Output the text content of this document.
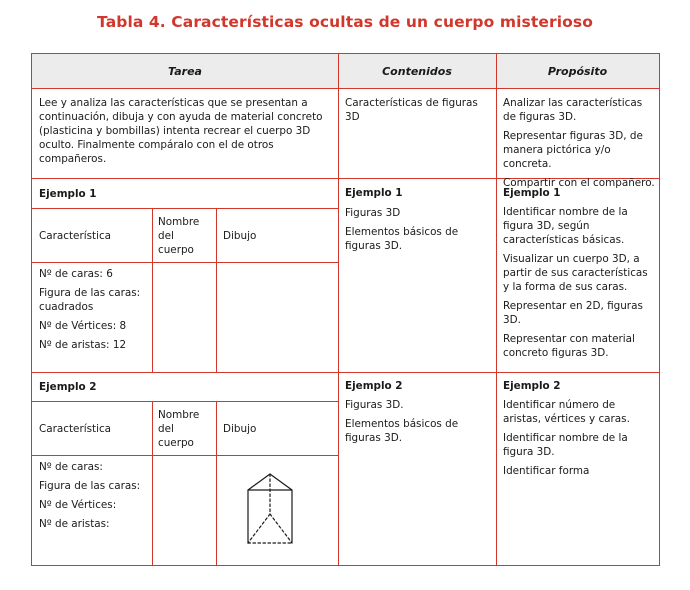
Tabla 4. Características ocultas de un cuerpo misterioso
Tarea	Contenidos	Propósito
Lee y analiza las características que se presentan a continuación, dibuja y con ayuda de material concreto (plasticina y bombillas) intenta recrear el cuerpo 3D oculto. Finalmente compáralo con el de otros compañeros.
Características de figuras 3D

Analizar las características de figuras 3D.

Representar figuras 3D, de manera pictórica y/o concreta.

Compartir con el compañero.

Ejemplo 1
Característica
Nombre del cuerpo
Dibujo

Nº de caras: 6

Figura de las caras: cuadrados

Nº de Vértices: 8

Nº de aristas: 12

Ejemplo 1

Figuras 3D

Elementos básicos de figuras 3D.

Ejemplo 1

Identificar nombre de la figura 3D, según características básicas.

Visualizar un cuerpo 3D, a partir de sus características y la forma de sus caras.

Representar en 2D, figuras 3D.

Representar con material concreto figuras 3D.

Ejemplo 2
Característica
Nombre del cuerpo
Dibujo

Nº de caras:

Figura de las caras:

Nº de Vértices:

Nº de aristas:

Ejemplo 2

Figuras 3D.

Elementos básicos de figuras 3D.

Ejemplo 2

Identificar número de aristas, vértices y caras.

Identificar nombre de la figura 3D.

Identificar forma
